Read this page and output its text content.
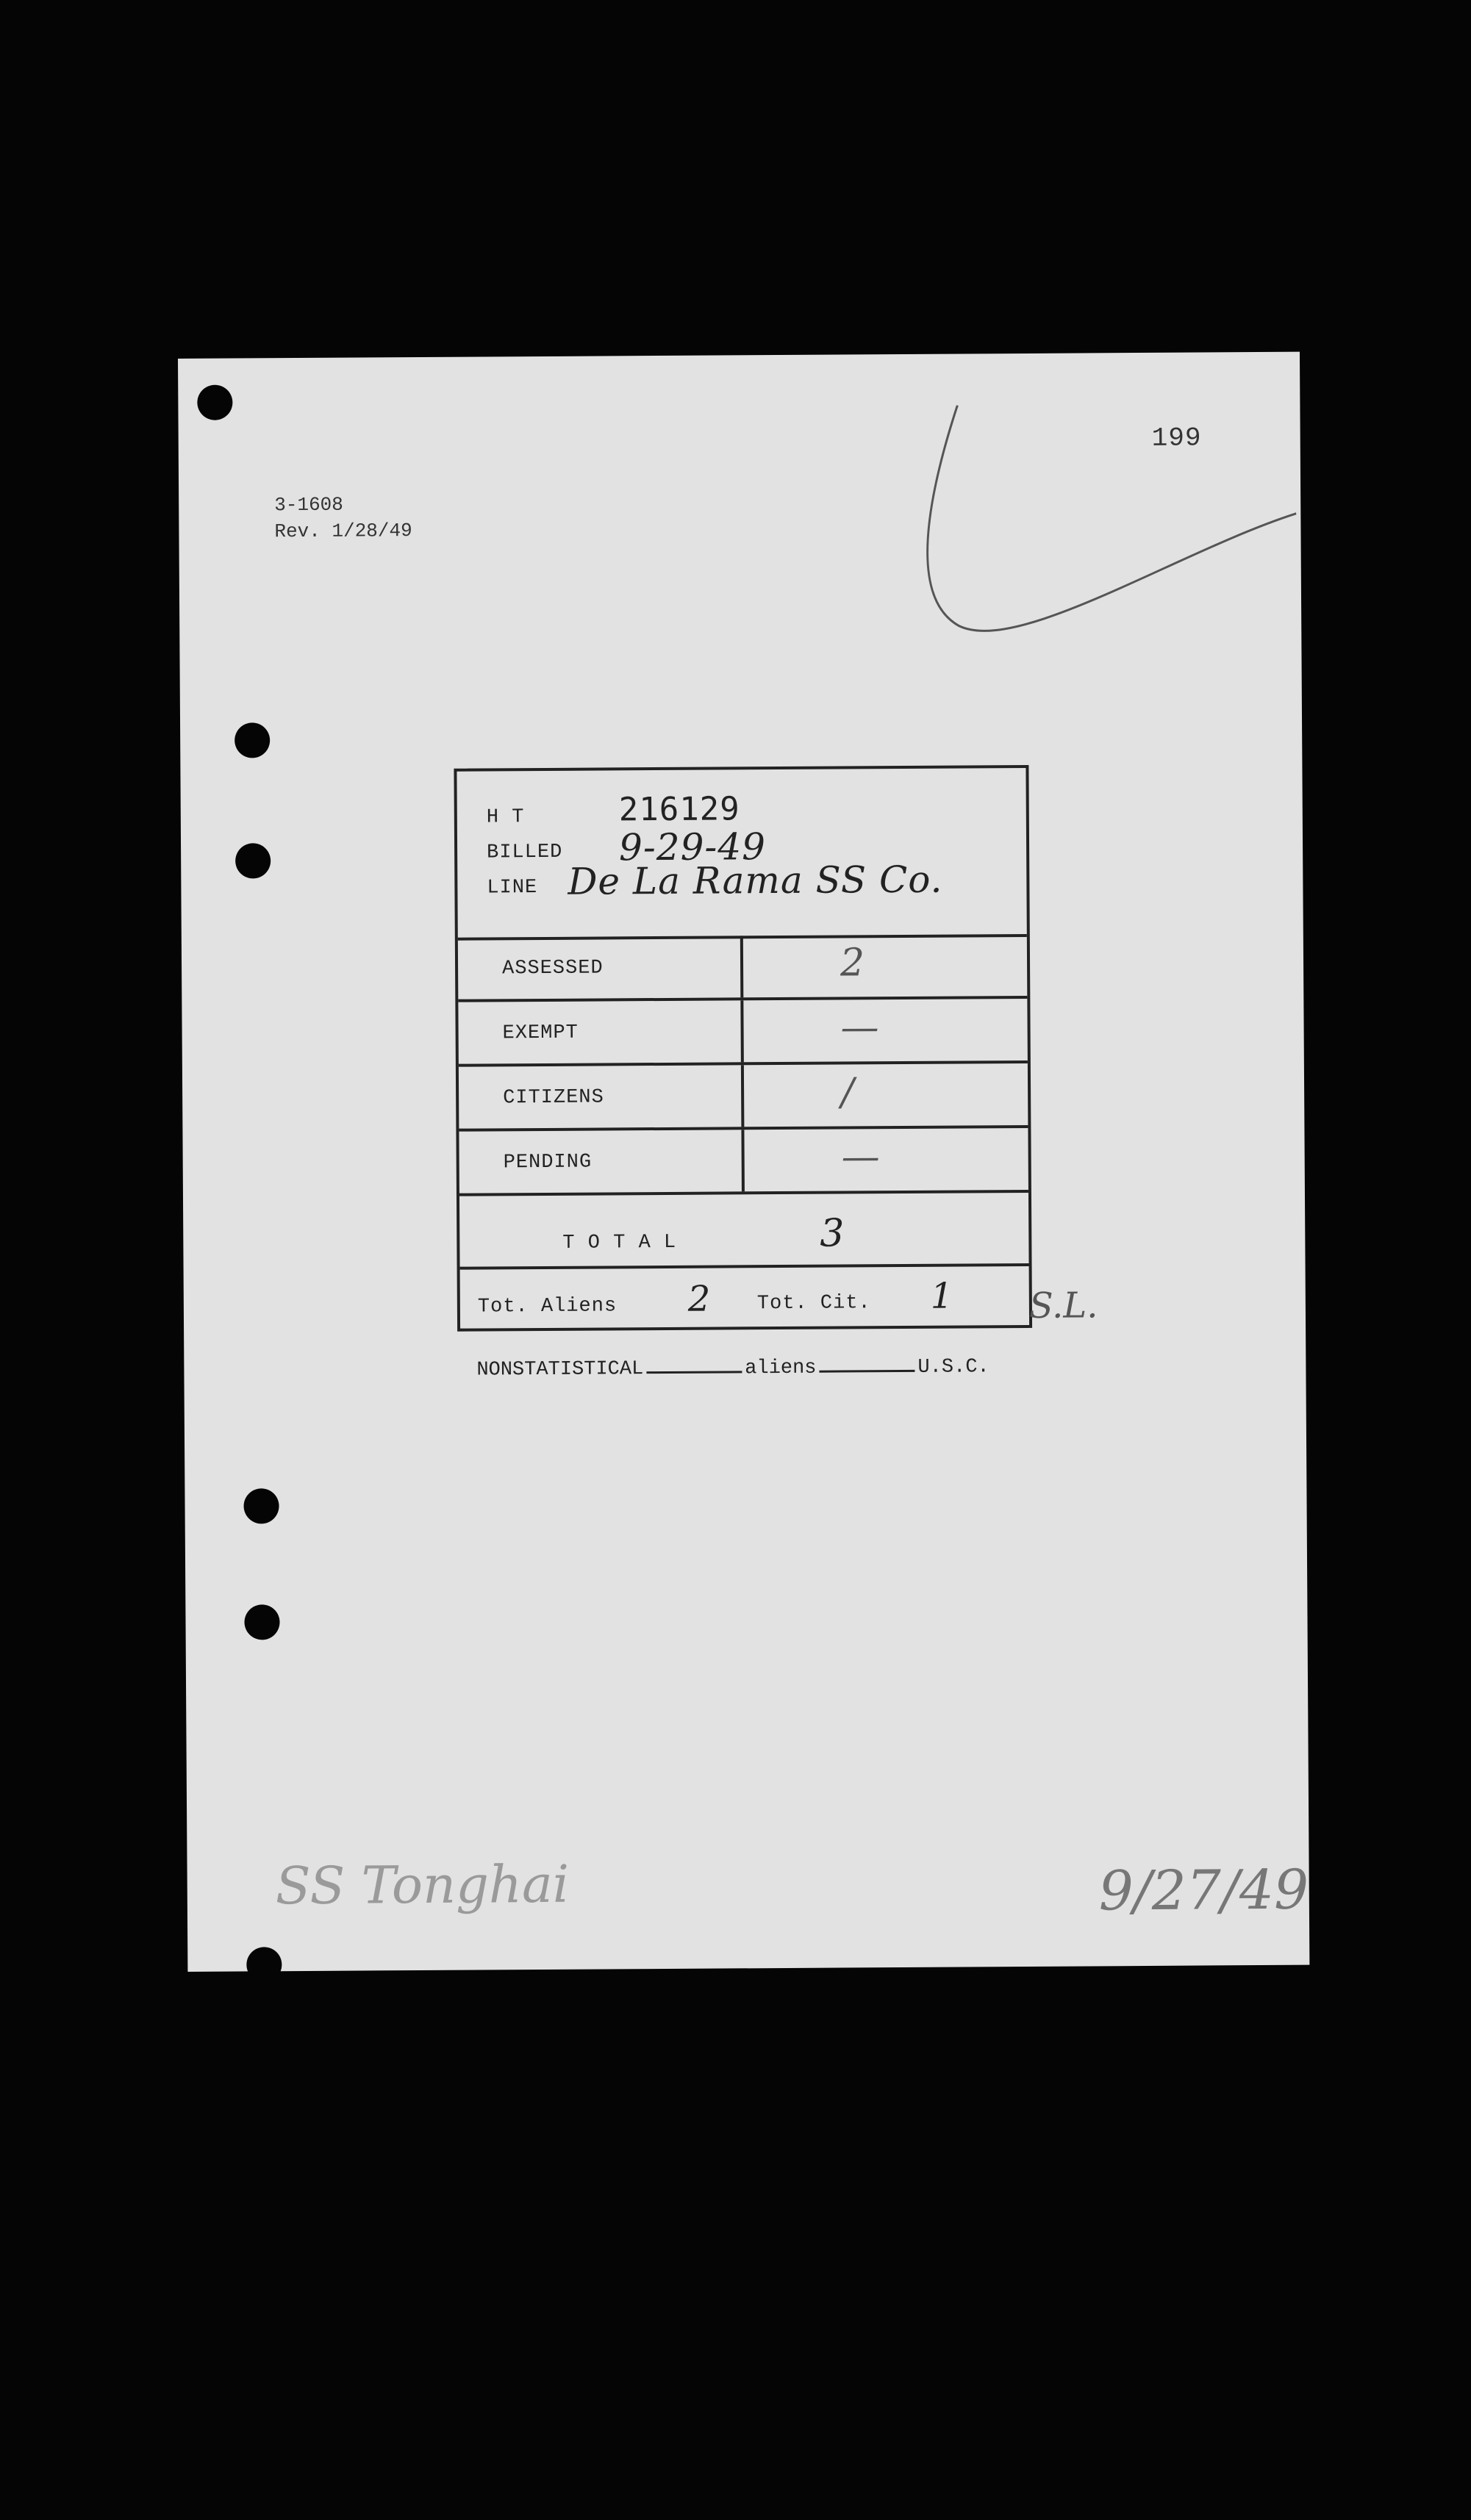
3-1608
Rev. 1/28/49
199
H T	216129
BILLED 9-29-49
LINE De La Rama SS Co.
ASSESSED	2
EXEMPT	—
CITIZENS	/
PENDING	—
T O T A L	3
Tot. Aliens 2 Tot. Cit. 1 S.L.
NONSTATISTICAL	aliens	U.S.C.
SS Tonghai	9/27/49
